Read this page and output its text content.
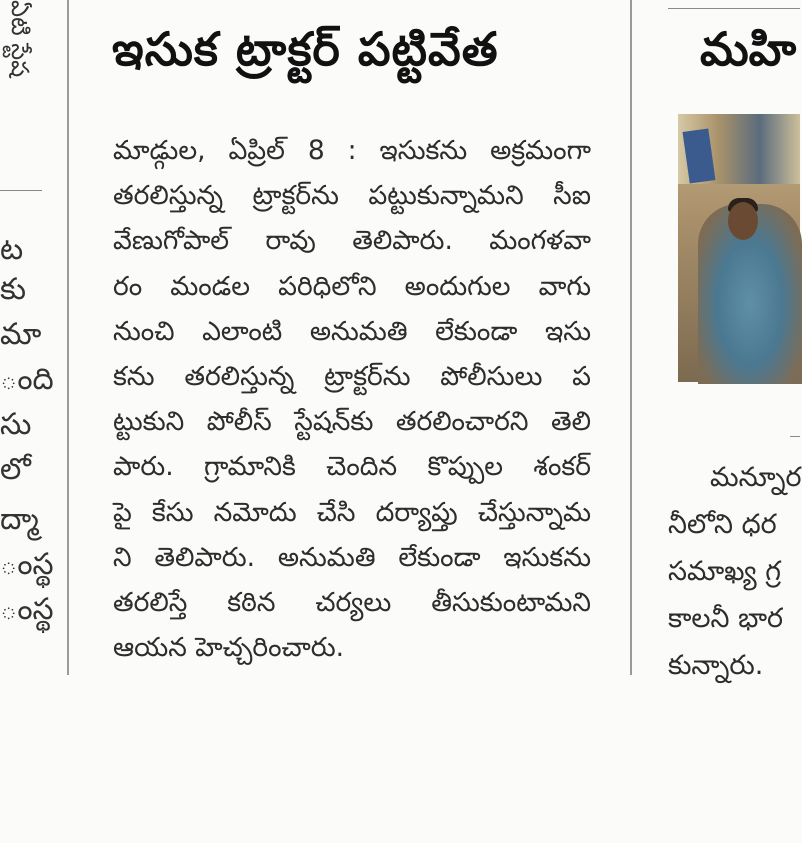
ఏటి స్టేష
ట
కు
మా
ంది
సు
లో
ద్మా
ంస్థ
ంస్థ
ఇసుక ట్రాక్టర్ పట్టివేత
మాడ్గుల, ఏప్రిల్ 8 : ఇసుకను అక్రమంగా
తరలిస్తున్న ట్రాక్టర్‌ను పట్టుకున్నామని సీఐ
వేణుగోపాల్ రావు తెలిపారు. మంగళవా
రం మండల పరిధిలోని అందుగుల వాగు
నుంచి ఎలాంటి అనుమతి లేకుండా ఇసు
కను తరలిస్తున్న ట్రాక్టర్‌ను పోలీసులు ప
ట్టుకుని పోలీస్ స్టేషన్‌కు తరలించారని తెలి
పారు. గ్రామానికి చెందిన కొప్పుల శంకర్
పై కేసు నమోదు చేసి దర్యాప్తు చేస్తున్నామ
ని తెలిపారు. అనుమతి లేకుండా ఇసుకను
తరలిస్తే కఠిన చర్యలు తీసుకుంటామని
ఆయన హెచ్చరించారు.
మహి
మన్నూర
నీలోని ధర
సమాఖ్య గ్ర
కాలనీ భార
కున్నారు.
